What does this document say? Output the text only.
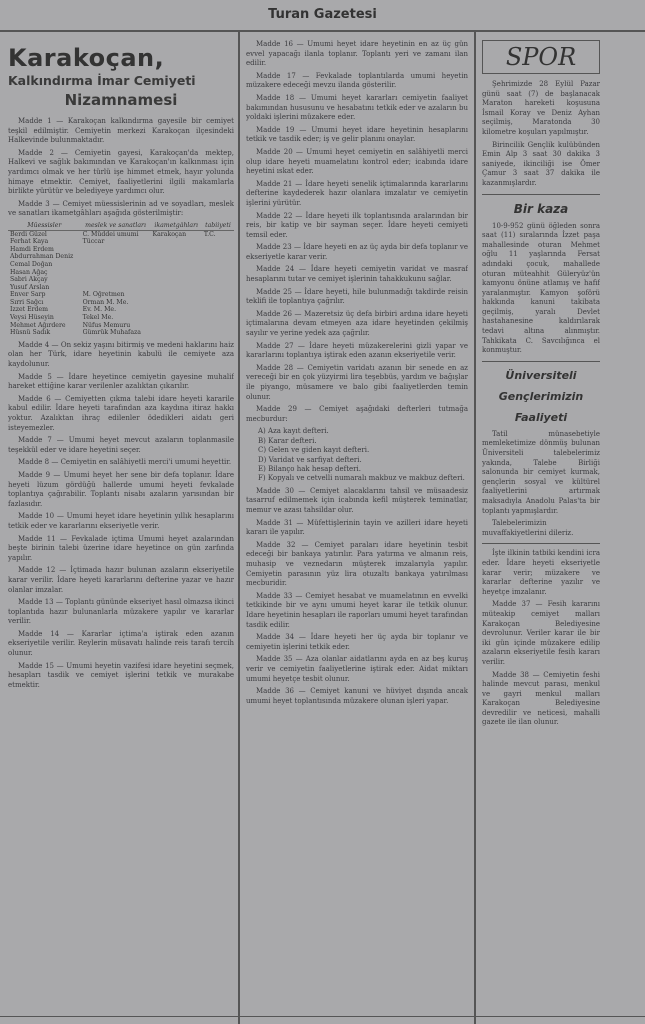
Turan Gazetesi
Karakoçan,
Kalkındırma İmar Cemiyeti
Nizamnamesi

Madde 1 — Karakoçan kalkındırma gayesile bir cemiyet teşkil edilmiştir. Cemiyetin merkezi Karakoçan ilçesindeki Halkevinde bulunmaktadır.

Madde 2 — Cemiyetin gayesi, Karakoçan'da mektep, Halkevi ve sağlık bakımından ve Karakoçan'ın kalkınması için yardımcı olmak ve her türlü işe himmet etmek, hayır yolunda himaye etmektir. Cemiyet, faaliyetlerini ilgili makamlarla birlikte yürütür ve belediyeye yardımcı olur.

Madde 3 — Cemiyet müessislerinin ad ve soyadları, meslek ve sanatları ikametgâhları aşağıda gösterilmiştir:

Müessisler	meslek ve sanatları	ikametgâhları	tabiiyeti
Berdi Güzel	C. Müddei umumi	Karakoçan	T.C.
Ferhat Kaya	Tüccar		
Hamdi Erdem			
Abdurrahman Deniz			
Cemal Doğan			
Hasan Ağaç			
Sabri Akçay			
Yusuf Arslan			
Enver Sarp	M. Öğretmen		
Sırri Sağcı	Orman M. Me.		
İzzet Erdem	Ev. M. Me.		
Veysi Hüseyin	Tekel Me.		
Mehmet Ağırdere	Nüfus Memuru		
Hüsnü Sadık	Gümrük Muhafaza		

Madde 4 — On sekiz yaşını bitirmiş ve medeni haklarını haiz olan her Türk, idare heyetinin kabulü ile cemiyete aza kaydolunur.

Madde 5 — İdare heyetince cemiyetin gayesine muhalif hareket ettiğine karar verilenler azalıktan çıkarılır.

Madde 6 — Cemiyetten çıkma talebi idare heyeti kararile kabul edilir. İdare heyeti tarafından aza kaydına itiraz hakkı yoktur. Azalıktan ihraç edilenler ödedikleri aidatı geri isteyemezler.

Madde 7 — Umumi heyet mevcut azaların toplanmasile teşekkül eder ve idare heyetini seçer.

Madde 8 — Cemiyetin en salâhiyetli merci'i umumi heyettir.

Madde 9 — Umumi heyet her sene bir defa toplanır. İdare heyeti lüzum gördüğü hallerde umumi heyeti fevkalade toplantıya çağırabilir. Toplantı nisabı azaların yarısından bir fazlasıdır.

Madde 10 — Umumi heyet idare heyetinin yıllık hesaplarını tetkik eder ve kararlarını ekseriyetle verir.

Madde 11 — Fevkalade içtima Umumi heyet azalarından beşte birinin talebi üzerine idare heyetince on gün zarfında yapılır.

Madde 12 — İçtimada hazır bulunan azaların ekseriyetile karar verilir. İdare heyeti kararlarını defterine yazar ve hazır olanlar imzalar.

Madde 13 — Toplantı gününde ekseriyet hasıl olmazsa ikinci toplantıda hazır bulunanlarla müzakere yapılır ve kararlar verilir.

Madde 14 — Kararlar içtima'a iştirak eden azanın ekseriyetile verilir. Reylerin müsavatı halinde reis tarafı tercih olunur.

Madde 15 — Umumi heyetin vazifesi idare heyetini seçmek, hesapları tasdik ve cemiyet işlerini tetkik ve murakabe etmektir.

Madde 16 — Umumi heyet idare heyetinin en az üç gün evvel yapacağı ilanla toplanır. Toplantı yeri ve zamanı ilan edilir.

Madde 17 — Fevkalade toplantılarda umumi heyetin müzakere edeceği mevzu ilanda gösterilir.

Madde 18 — Umumi heyet kararları cemiyetin faaliyet bakımından hususunu ve hesabatını tetkik eder ve azaların bu yoldaki işlerini müzakere eder.

Madde 19 — Umumi heyet idare heyetinin hesaplarını tetkik ve tasdik eder; iş ve gelir planını onaylar.

Madde 20 — Umumi heyet cemiyetin en salâhiyetli merci olup idare heyeti muamelatını kontrol eder; icabında idare heyetini ıskat eder.

Madde 21 — İdare heyeti senelik içtimalarında kararlarını defterine kaydederek hazır olanlara imzalatır ve cemiyetin işlerini yürütür.

Madde 22 — İdare heyeti ilk toplantısında aralarından bir reis, bir katip ve bir sayman seçer. İdare heyeti cemiyeti temsil eder.

Madde 23 — İdare heyeti en az üç ayda bir defa toplanır ve ekseriyetle karar verir.

Madde 24 — İdare heyeti cemiyetin varidat ve masraf hesaplarını tutar ve cemiyet işlerinin tahakkukunu sağlar.

Madde 25 — İdare heyeti, hile bulunmadığı takdirde reisin teklifi ile toplantıya çağrılır.

Madde 26 — Mazeretsiz üç defa birbiri ardına idare heyeti içtimalarına devam etmeyen aza idare heyetinden çekilmiş sayılır ve yerine yedek aza çağrılır.

Madde 27 — İdare heyeti müzakerelerini gizli yapar ve kararlarını toplantıya iştirak eden azanın ekseriyetile verir.

Madde 28 — Cemiyetin varidatı azanın bir senede en az vereceği bir en çok yüzyirmi lira teşebbüs, yardım ve bağışlar ile piyango, müsamere ve balo gibi faaliyetlerden temin olunur.

Madde 29 — Cemiyet aşağıdaki defterleri tutmağa mecburdur:

A) Aza kayıt defteri.
B) Karar defteri.
C) Gelen ve giden kayıt defteri.
D) Varidat ve sarfiyat defteri.
E) Bilanço hak hesap defteri.
F) Kopyalı ve cetvelli numaralı makbuz ve makbuz defteri.

Madde 30 — Cemiyet alacaklarını tahsil ve müsaadesiz tasarruf edilmemek için icabında kefil müşterek teminatlar, memur ve azası tahsildar olur.

Madde 31 — Müfettişlerinin tayin ve azilleri idare heyeti kararı ile yapılır.

Madde 32 — Cemiyet paraları idare heyetinin tesbit edeceği bir bankaya yatırılır. Para yatırma ve almanın reis, muhasip ve veznedarın müşterek imzalarıyla yapılır. Cemiyetin parasının yüz lira otuzaltı bankaya yatırılması mecburidir.

Madde 33 — Cemiyet hesabat ve muamelatının en evvelki tetkikinde bir ve aynı umumi heyet karar ile tetkik olunur. Idare heyetinin hesapları ile raporları umumi heyet tarafından tasdik edilir.

Madde 34 — İdare heyeti her üç ayda bir toplanır ve cemiyetin işlerini tetkik eder.

Madde 35 — Aza olanlar aidatlarını ayda en az beş kuruş verir ve cemiyetin faaliyetlerine iştirak eder. Aidat miktarı umumi heyetçe tesbit olunur.

Madde 36 — Cemiyet kanuni ve hüviyet dışında ancak umumi heyet toplantısında müzakere olunan işleri yapar.

SPOR

Şehrimizde 28 Eylül Pazar günü saat (7) de başlanacak Maraton hareketi koşusuna İsmail Koray ve Deniz Ayhan seçilmiş, Maratonda 30 kilometre koşuları yapılmıştır.

Birincilik Gençlik kulübünden Emin Alp 3 saat 30 dakika 3 saniyede, ikinciliği ise Ömer Çamur 3 saat 37 dakika ile kazanmışlardır.

Bir kaza

10-9-952 günü öğleden sonra saat (11) sıralarında İzzet paşa mahallesinde oturan Mehmet oğlu 11 yaşlarında Fersat adındaki çocuk, mahallede oturan müteahhit Güleryüz'ün kamyonu önüne atlamış ve hafif yaralanmıştır. Kamyon şoförü hakkında kanuni takibata geçilmiş, yaralı Devlet hastahanesine kaldırılarak tedavi altına alınmıştır. Tahkikata C. Savcılığınca el konmuştur.

Üniversiteli
Gençlerimizin
Faaliyeti

Tatil münasebetiyle memleketimize dönmüş bulunan Üniversiteli talebelerimiz yakında, Talebe Birliği salonunda bir cemiyet kurmak, gençlerin sosyal ve kültürel faaliyetlerini artırmak maksadıyla Anadolu Palas'ta bir toplantı yapmışlardır.

Talebelerimizin muvaffakiyetlerini dileriz.

İşte ilkinin tatbiki kendini icra eder. İdare heyeti ekseriyetle karar verir; müzakere ve kararlar defterine yazılır ve heyetçe imzalanır.

Madde 37 — Fesih kararını müteakip cemiyet malları Karakoçan Belediyesine devrolunur. Veriler karar ile bir iki gün içinde müzakere edilip azaların ekseriyetile fesih kararı verilir.

Madde 38 — Cemiyetin feshi halinde mevcut parası, menkul ve gayri menkul malları Karakoçan Belediyesine devredilir ve neticesi, mahalli gazete ile ilan olunur.
